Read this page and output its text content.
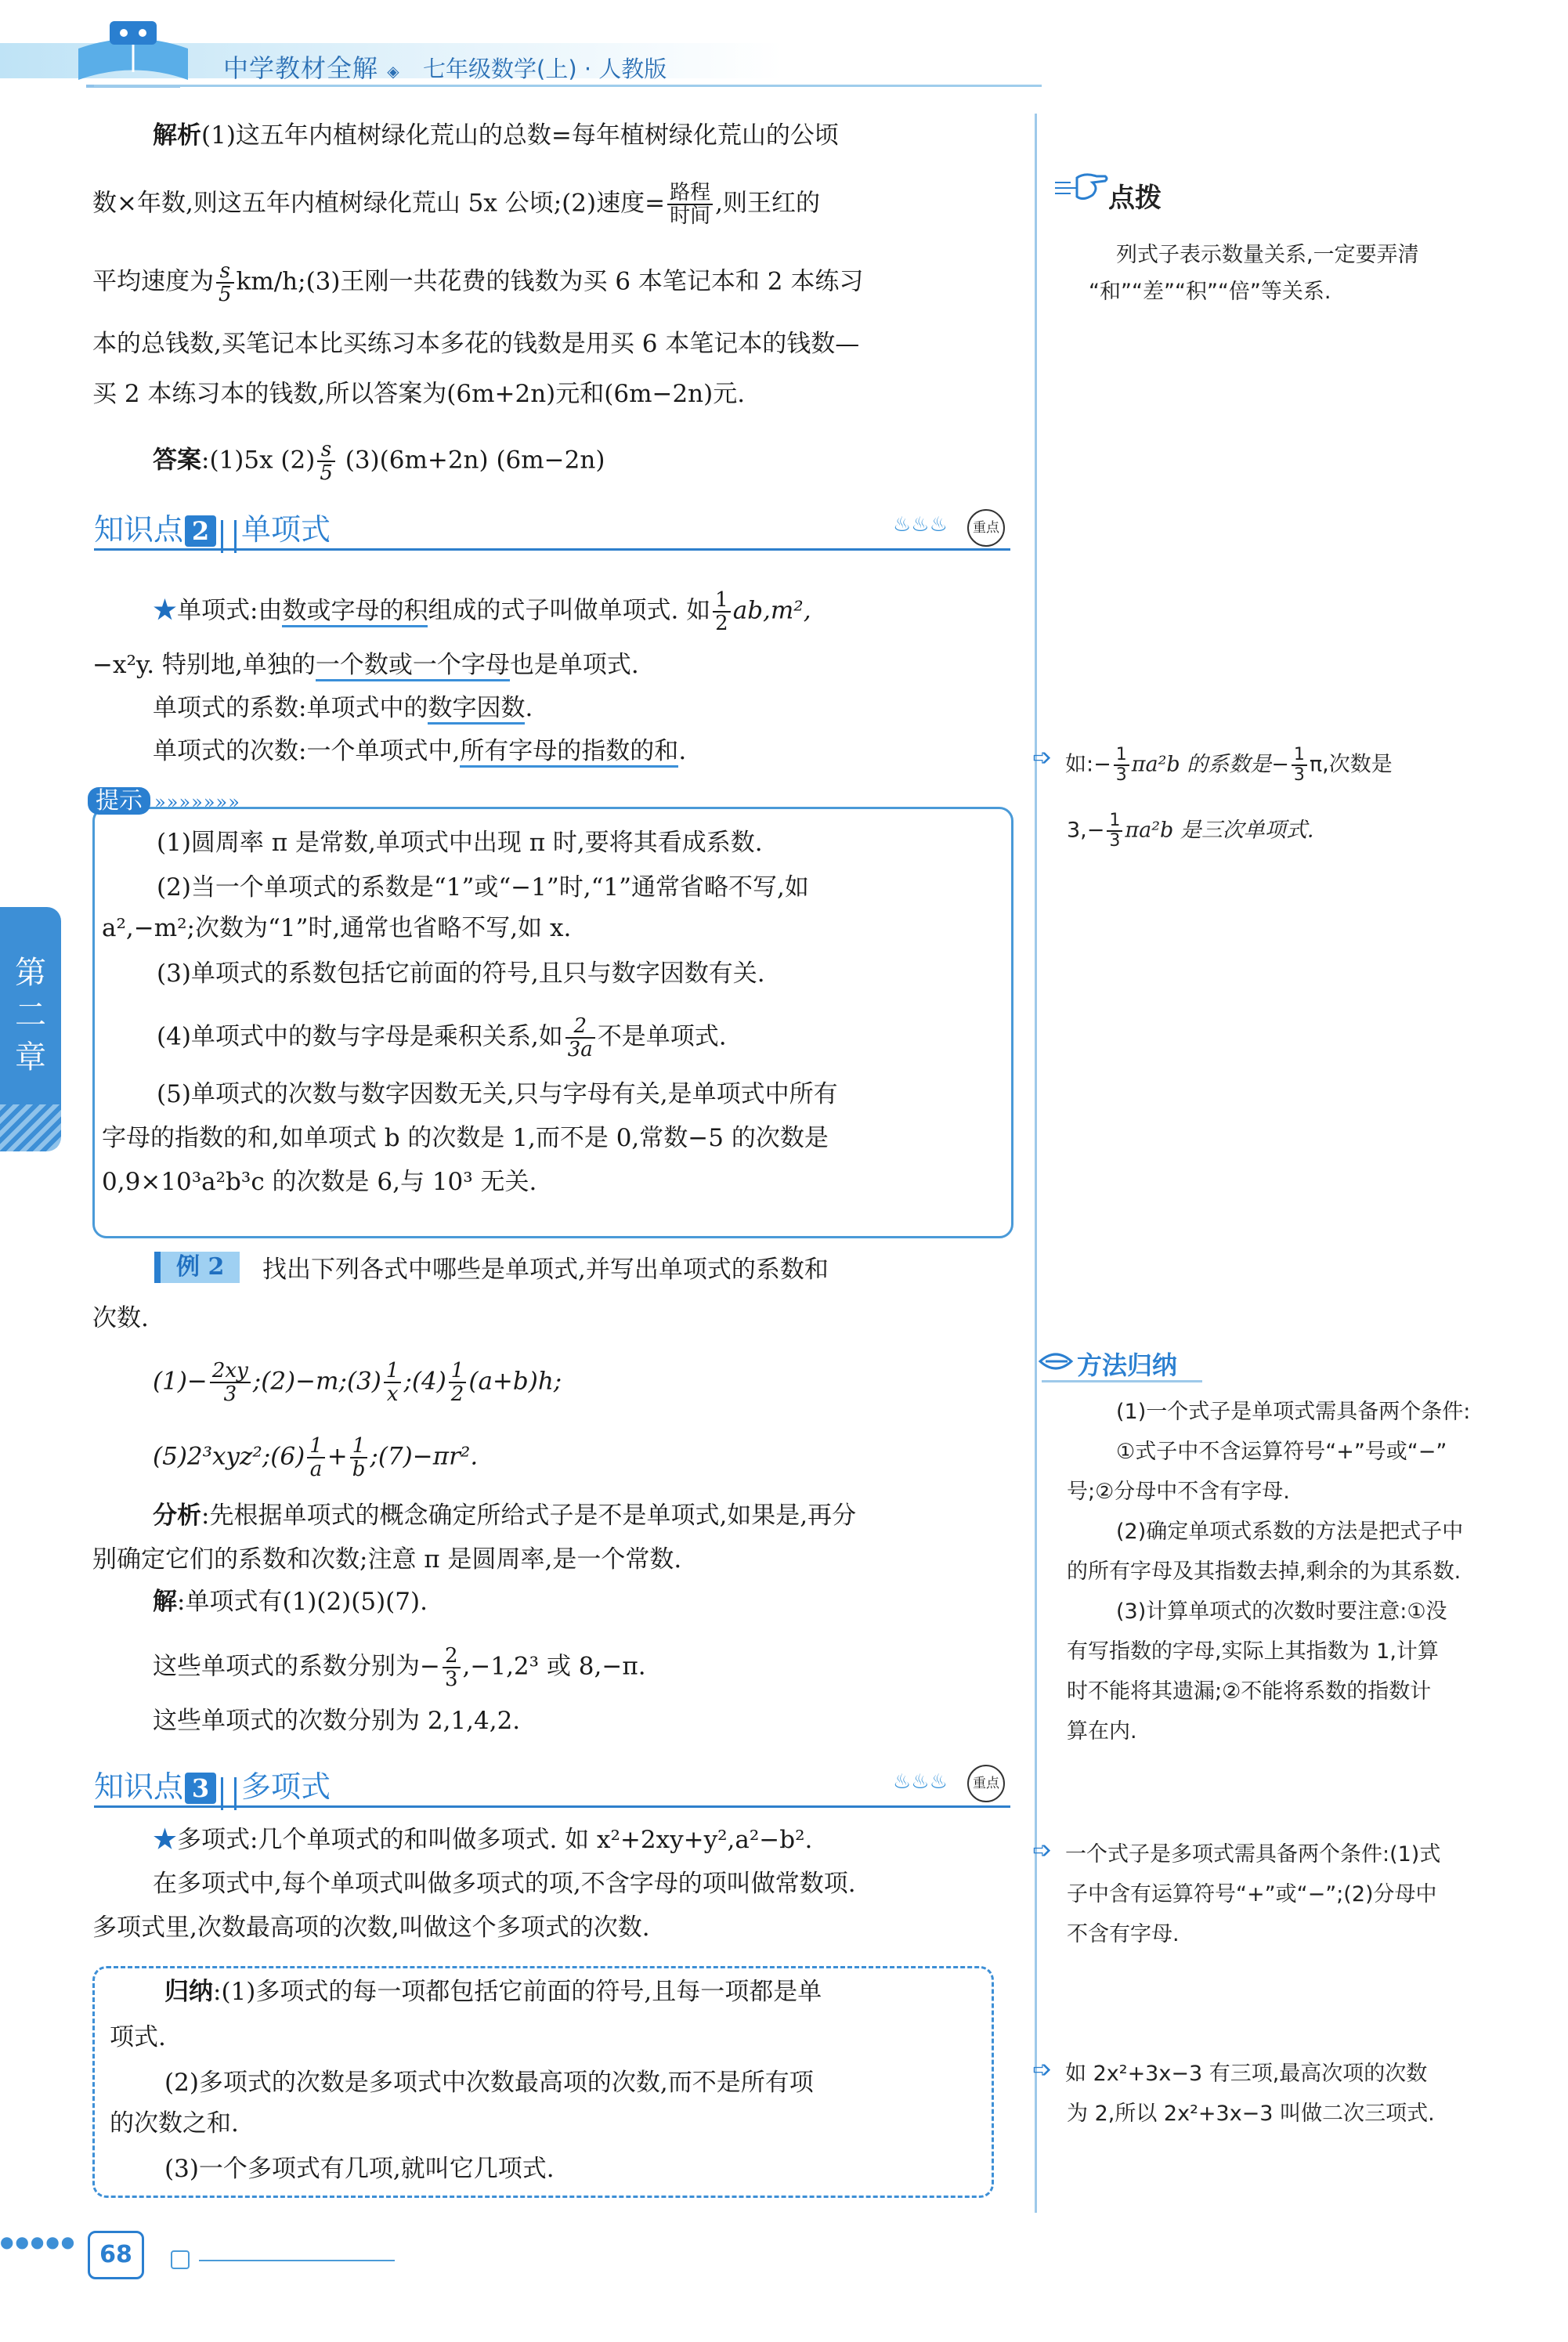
中学教材全解 ◈ 七年级数学(上) · 人教版
第二章
解析(1)这五年内植树绿化荒山的总数=每年植树绿化荒山的公顷
数×年数,则这五年内植树绿化荒山 5x 公顷;(2)速度= $\frac{\text{路程}}{\text{时间}}$ ,则王红的
平均速度为 $\frac{s}{5}$ km/h;(3)王刚一共花费的钱数为买 6 本笔记本和 2 本练习
本的总钱数,买笔记本比买练习本多花的钱数是用买 6 本笔记本的钱数—
买 2 本练习本的钱数,所以答案为(6m+2n)元和(6m−2n)元.
答案:(1)5x $(2) \frac{s}{5} (3)(6m+2n)$ (6m−2n)
知识点 2 单项式	♨♨♨	重点
★单项式:由数或字母的积组成的式子叫做单项式. 如 $\frac{1}{2} ab,m^2$,
−x²y. 特别地,单独的一个数或一个字母也是单项式.
单项式的系数:单项式中的数字因数.
单项式的次数:一个单项式中,所有字母的指数的和.
提示 »»»»»»»
(1)圆周率 π 是常数,单项式中出现 π 时,要将其看成系数.
(2)当一个单项式的系数是“1”或“−1”时,“1”通常省略不写,如
a²,−m²;次数为“1”时,通常也省略不写,如 x.
(3)单项式的系数包括它前面的符号,且只与数字因数有关.
(4)单项式中的数与字母是乘积关系,如 $\frac{2}{3a}$ 不是单项式.
(5)单项式的次数与数字因数无关,只与字母有关,是单项式中所有
字母的指数的和,如单项式 b 的次数是 1,而不是 0,常数−5 的次数是
0,9×10³a²b³c 的次数是 6,与 10³ 无关.
例 2	找出下列各式中哪些是单项式,并写出单项式的系数和
次数.
$(1)- \frac{2xy}{3}$ ;(2)−m;(3) $\frac{1}{x}$ ;(4) $\frac{1}{2} (a+b)h$;
(5)2³xyz²;(6) $\frac{1}{a} + \frac{1}{b}$ ;(7)−πr².
分析:先根据单项式的概念确定所给式子是不是单项式,如果是,再分
别确定它们的系数和次数;注意 π 是圆周率,是一个常数.
解:单项式有(1)(2)(5)(7).
这些单项式的系数分别为− $\frac{2}{3} ,-1,2^3$ 或 8,−π.
这些单项式的次数分别为 2,1,4,2.
知识点 3 多项式	♨♨♨	重点
★多项式:几个单项式的和叫做多项式. 如 x²+2xy+y²,a²−b².
在多项式中,每个单项式叫做多项式的项,不含字母的项叫做常数项.
多项式里,次数最高项的次数,叫做这个多项式的次数.
归纳:(1)多项式的每一项都包括它前面的符号,且每一项都是单
项式.
(2)多项式的次数是多项式中次数最高项的次数,而不是所有项
的次数之和.
(3)一个多项式有几项,就叫它几项式.
点拨
列式子表示数量关系,一定要弄清
“和”“差”“积”“倍”等关系.
➩ 如:− $\frac{1}{3} \pi a^2b$ 的系数是− $\frac{1}{3} \pi$,次数是
$3,- \frac{1}{3} \pi a^2b$ 是三次单项式.
方法归纳
(1)一个式子是单项式需具备两个条件:
①式子中不含运算符号“+”号或“−”
号;②分母中不含有字母.
(2)确定单项式系数的方法是把式子中
的所有字母及其指数去掉,剩余的为其系数.
(3)计算单项式的次数时要注意:①没
有写指数的字母,实际上其指数为 1,计算
时不能将其遗漏;②不能将系数的指数计
算在内.
➩ 一个式子是多项式需具备两个条件:(1)式
子中含有运算符号“+”或“−”;(2)分母中
不含有字母.
➩ 如 2x²+3x−3 有三项,最高次项的次数
为 2,所以 2x²+3x−3 叫做二次三项式.
●●●●● 68
